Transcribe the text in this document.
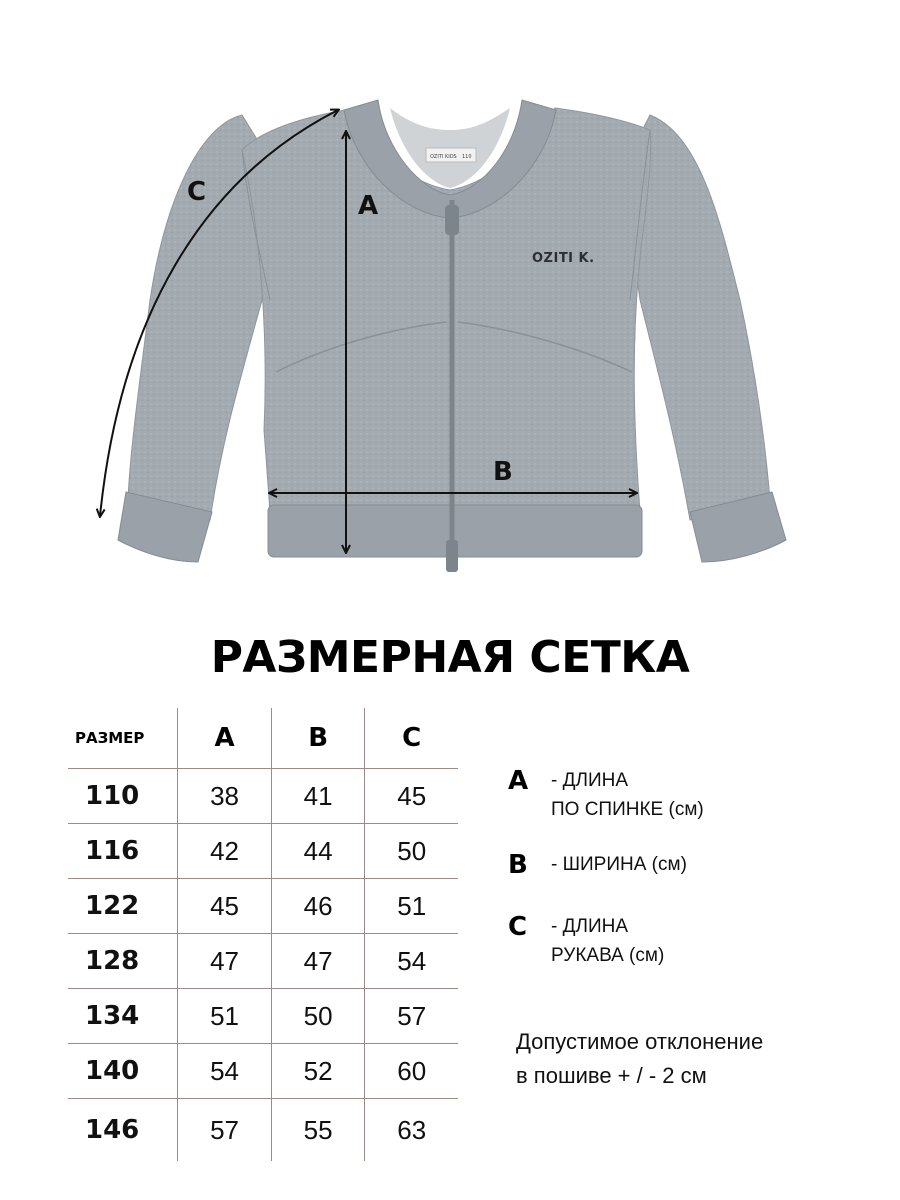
OZITI KIDS 110
OZITI K.
A
B
C
РАЗМЕРНАЯ СЕТКА
РАЗМЕР	A	B	C
110	38	41	45
116	42	44	50
122	45	46	51
128	47	47	54
134	51	50	57
140	54	52	60
146	57	55	63
A - ДЛИНА
ПО СПИНКЕ (см)
B - ШИРИНА (см)
C - ДЛИНА
РУКАВА (см)
Допустимое отклонение
в пошиве + / - 2 см
